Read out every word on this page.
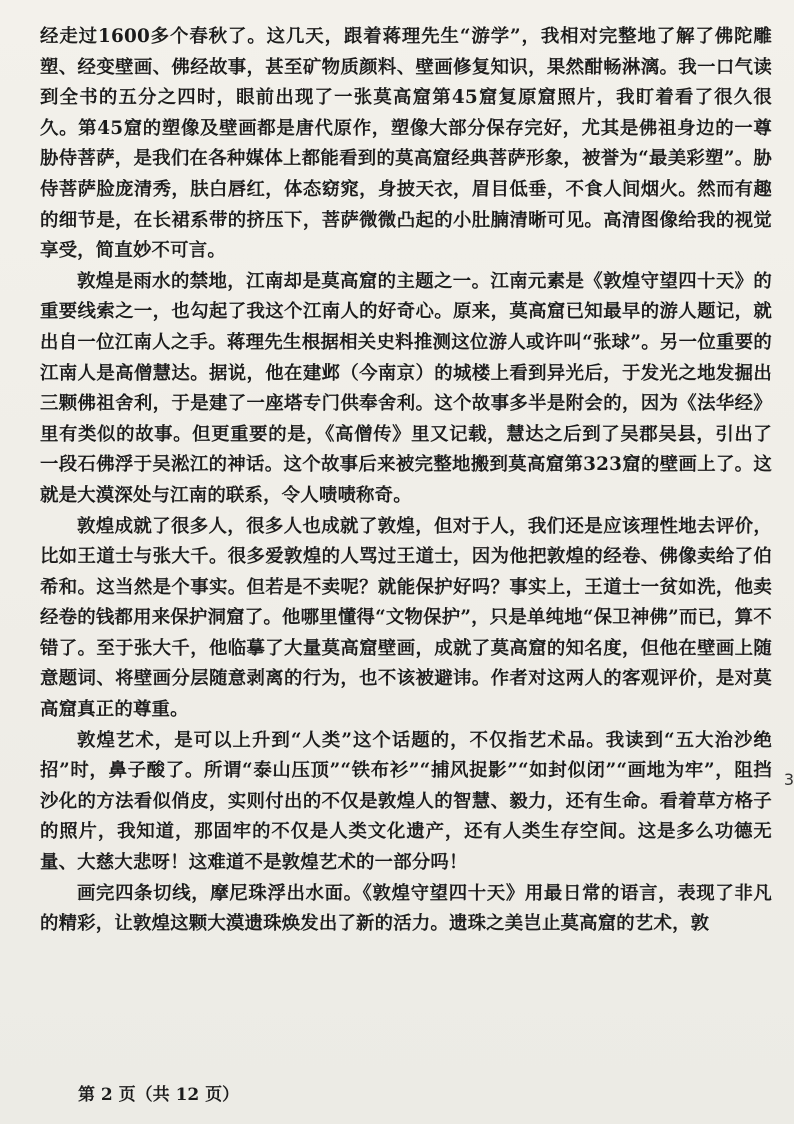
经走过1600多个春秋了。这几天，跟着蒋理先生“游学”，我相对完整地了解了佛陀雕塑、经变壁画、佛经故事，甚至矿物质颜料、壁画修复知识，果然酣畅淋漓。我一口气读到全书的五分之四时，眼前出现了一张莫高窟第45窟复原窟照片，我盯着看了很久很久。第45窟的塑像及壁画都是唐代原作，塑像大部分保存完好，尤其是佛祖身边的一尊胁侍菩萨，是我们在各种媒体上都能看到的莫高窟经典菩萨形象，被誉为“最美彩塑”。胁侍菩萨脸庞清秀，肤白唇红，体态窈窕，身披天衣，眉目低垂，不食人间烟火。然而有趣的细节是，在长裙系带的挤压下，菩萨微微凸起的小肚腩清晰可见。高清图像给我的视觉享受，简直妙不可言。

敦煌是雨水的禁地，江南却是莫高窟的主题之一。江南元素是《敦煌守望四十天》的重要线索之一，也勾起了我这个江南人的好奇心。原来，莫高窟已知最早的游人题记，就出自一位江南人之手。蒋理先生根据相关史料推测这位游人或许叫“张球”。另一位重要的江南人是高僧慧达。据说，他在建邺（今南京）的城楼上看到异光后，于发光之地发掘出三颗佛祖舍利，于是建了一座塔专门供奉舍利。这个故事多半是附会的，因为《法华经》里有类似的故事。但更重要的是，《高僧传》里又记载，慧达之后到了吴郡吴县，引出了一段石佛浮于吴淞江的神话。这个故事后来被完整地搬到莫高窟第323窟的壁画上了。这就是大漠深处与江南的联系，令人啧啧称奇。

敦煌成就了很多人，很多人也成就了敦煌，但对于人，我们还是应该理性地去评价，比如王道士与张大千。很多爱敦煌的人骂过王道士，因为他把敦煌的经卷、佛像卖给了伯希和。这当然是个事实。但若是不卖呢？就能保护好吗？事实上，王道士一贫如洗，他卖经卷的钱都用来保护洞窟了。他哪里懂得“文物保护”，只是单纯地“保卫神佛”而已，算不错了。至于张大千，他临摹了大量莫高窟壁画，成就了莫高窟的知名度，但他在壁画上随意题词、将壁画分层随意剥离的行为，也不该被避讳。作者对这两人的客观评价，是对莫高窟真正的尊重。

敦煌艺术，是可以上升到“人类”这个话题的，不仅指艺术品。我读到“五大治沙绝招”时，鼻子酸了。所谓“泰山压顶”“铁布衫”“捕风捉影”“如封似闭”“画地为牢”，阻挡沙化的方法看似俏皮，实则付出的不仅是敦煌人的智慧、毅力，还有生命。看着草方格子的照片，我知道，那固牢的不仅是人类文化遗产，还有人类生存空间。这是多么功德无量、大慈大悲呀！这难道不是敦煌艺术的一部分吗！

画完四条切线，摩尼珠浮出水面。《敦煌守望四十天》用最日常的语言，表现了非凡的精彩，让敦煌这颗大漠遗珠焕发出了新的活力。遗珠之美岂止莫高窟的艺术，敦

3
第 2 页（共 12 页）
